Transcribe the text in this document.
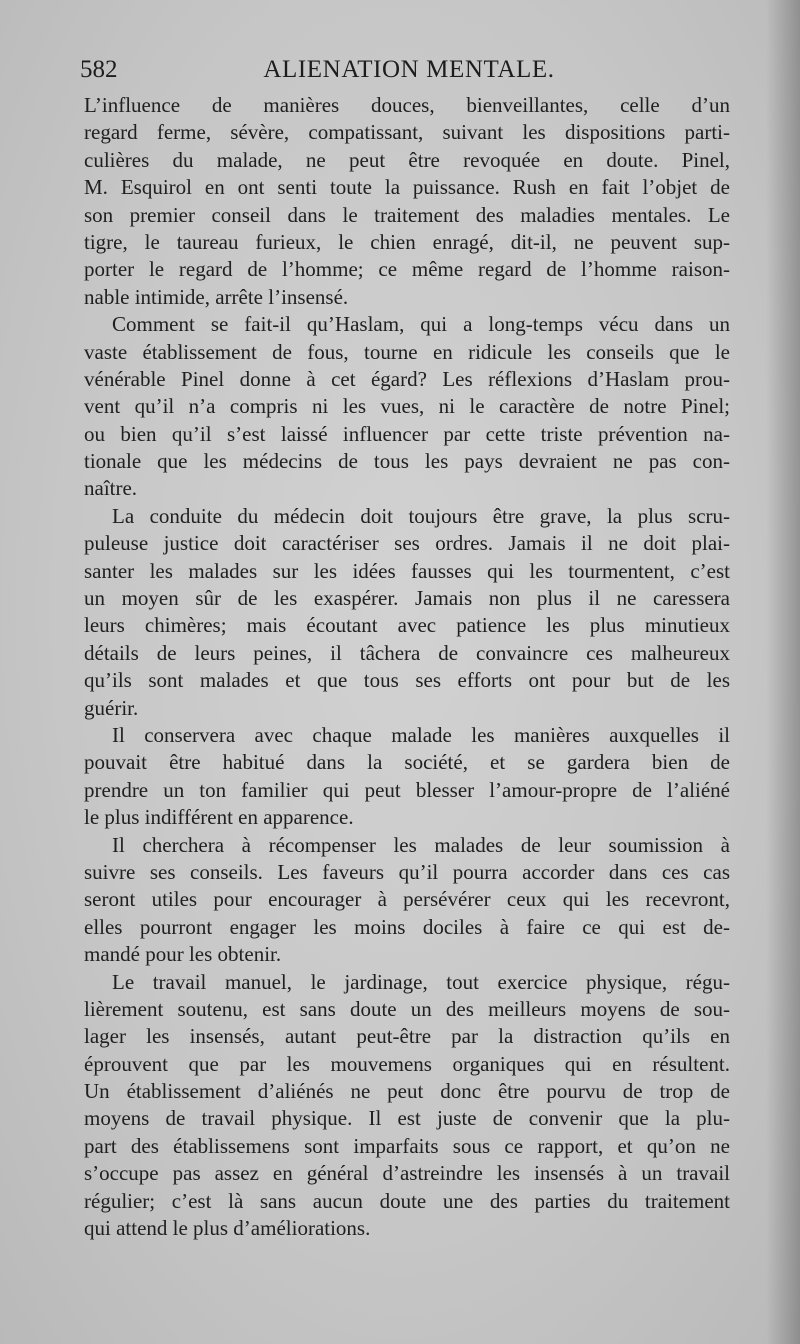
582	ALIENATION MENTALE.
L’influence de manières douces, bienveillantes, celle d’un
regard ferme, sévère, compatissant, suivant les dispositions parti-
culières du malade, ne peut être revoquée en doute. Pinel,
M. Esquirol en ont senti toute la puissance. Rush en fait l’objet de
son premier conseil dans le traitement des maladies mentales. Le
tigre, le taureau furieux, le chien enragé, dit-il, ne peuvent sup-
porter le regard de l’homme; ce même regard de l’homme raison-
nable intimide, arrête l’insensé.
Comment se fait-il qu’Haslam, qui a long-temps vécu dans un
vaste établissement de fous, tourne en ridicule les conseils que le
vénérable Pinel donne à cet égard? Les réflexions d’Haslam prou-
vent qu’il n’a compris ni les vues, ni le caractère de notre Pinel;
ou bien qu’il s’est laissé influencer par cette triste prévention na-
tionale que les médecins de tous les pays devraient ne pas con-
naître.
La conduite du médecin doit toujours être grave, la plus scru-
puleuse justice doit caractériser ses ordres. Jamais il ne doit plai-
santer les malades sur les idées fausses qui les tourmentent, c’est
un moyen sûr de les exaspérer. Jamais non plus il ne caressera
leurs chimères; mais écoutant avec patience les plus minutieux
détails de leurs peines, il tâchera de convaincre ces malheureux
qu’ils sont malades et que tous ses efforts ont pour but de les
guérir.
Il conservera avec chaque malade les manières auxquelles il
pouvait être habitué dans la société, et se gardera bien de
prendre un ton familier qui peut blesser l’amour-propre de l’aliéné
le plus indifférent en apparence.
Il cherchera à récompenser les malades de leur soumission à
suivre ses conseils. Les faveurs qu’il pourra accorder dans ces cas
seront utiles pour encourager à persévérer ceux qui les recevront,
elles pourront engager les moins dociles à faire ce qui est de-
mandé pour les obtenir.
Le travail manuel, le jardinage, tout exercice physique, régu-
lièrement soutenu, est sans doute un des meilleurs moyens de sou-
lager les insensés, autant peut-être par la distraction qu’ils en
éprouvent que par les mouvemens organiques qui en résultent.
Un établissement d’aliénés ne peut donc être pourvu de trop de
moyens de travail physique. Il est juste de convenir que la plu-
part des établissemens sont imparfaits sous ce rapport, et qu’on ne
s’occupe pas assez en général d’astreindre les insensés à un travail
régulier; c’est là sans aucun doute une des parties du traitement
qui attend le plus d’améliorations.
